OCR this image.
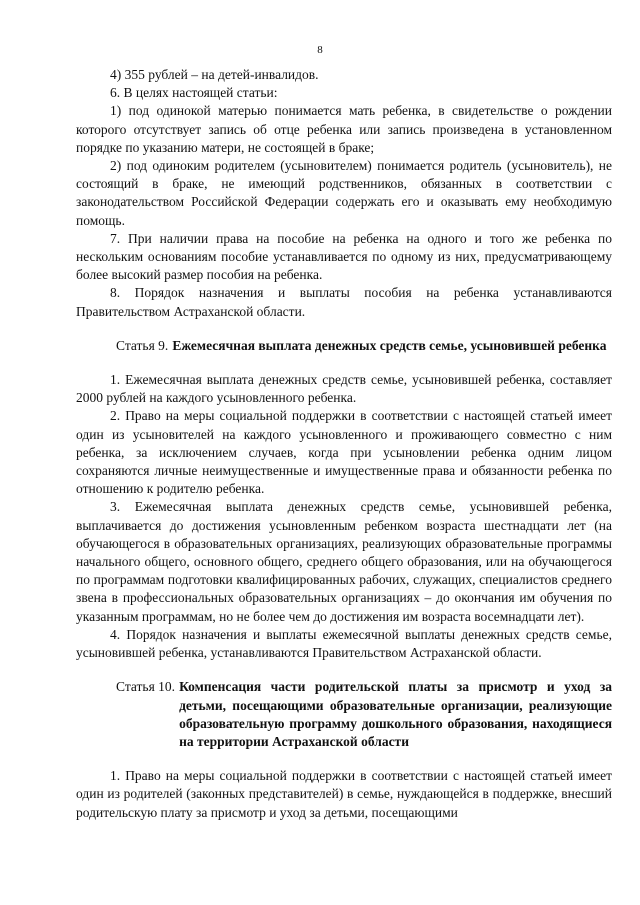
8

4) 355 рублей – на детей-инвалидов.

6. В целях настоящей статьи:

1) под одинокой матерью понимается мать ребенка, в свидетельстве о рождении которого отсутствует запись об отце ребенка или запись произведена в установленном порядке по указанию матери, не состоящей в браке;

2) под одиноким родителем (усыновителем) понимается родитель (усыновитель), не состоящий в браке, не имеющий родственников, обязанных в соответствии с законодательством Российской Федерации содержать его и оказывать ему необходимую помощь.

7. При наличии права на пособие на ребенка на одного и того же ребенка по нескольким основаниям пособие устанавливается по одному из них, предусматривающему более высокий размер пособия на ребенка.

8. Порядок назначения и выплаты пособия на ребенка устанавливаются Правительством Астраханской области.

Статья 9. Ежемесячная выплата денежных средств семье, усыновившей ребенка

1. Ежемесячная выплата денежных средств семье, усыновившей ребенка, составляет 2000 рублей на каждого усыновленного ребенка.

2. Право на меры социальной поддержки в соответствии с настоящей статьей имеет один из усыновителей на каждого усыновленного и проживающего совместно с ним ребенка, за исключением случаев, когда при усыновлении ребенка одним лицом сохраняются личные неимущественные и имущественные права и обязанности ребенка по отношению к родителю ребенка.

3. Ежемесячная выплата денежных средств семье, усыновившей ребенка, выплачивается до достижения усыновленным ребенком возраста шестнадцати лет (на обучающегося в образовательных организациях, реализующих образовательные программы начального общего, основного общего, среднего общего образования, или на обучающегося по программам подготовки квалифицированных рабочих, служащих, специалистов среднего звена в профессиональных образовательных организациях – до окончания им обучения по указанным программам, но не более чем до достижения им возраста восемнадцати лет).

4. Порядок назначения и выплаты ежемесячной выплаты денежных средств семье, усыновившей ребенка, устанавливаются Правительством Астраханской области.

Статья 10. Компенсация части родительской платы за присмотр и уход за детьми, посещающими образовательные организации, реализующие образовательную программу дошкольного образования, находящиеся на территории Астраханской области

1. Право на меры социальной поддержки в соответствии с настоящей статьей имеет один из родителей (законных представителей) в семье, нуждающейся в поддержке, внесший родительскую плату за присмотр и уход за детьми, посещающими
